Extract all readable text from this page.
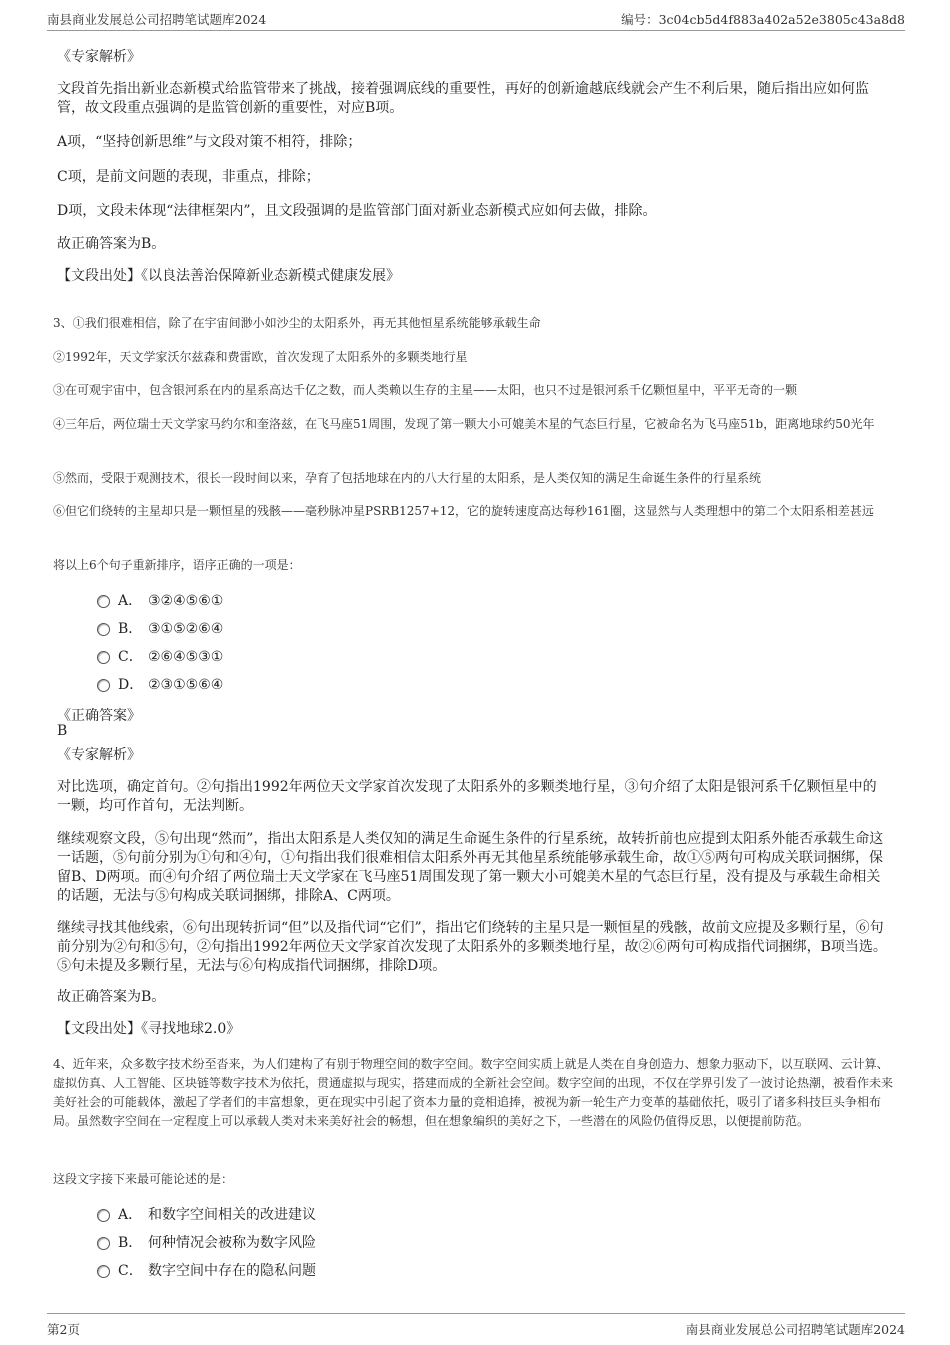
南县商业发展总公司招聘笔试题库2024	编号：3c04cb5d4f883a402a52e3805c43a8d8
《专家解析》

文段首先指出新业态新模式给监管带来了挑战，接着强调底线的重要性，再好的创新逾越底线就会产生不利后果，随后指出应如何监管，故文段重点强调的是监管创新的重要性，对应B项。

A项，“坚持创新思维”与文段对策不相符，排除；
C项，是前文问题的表现，非重点，排除；
D项，文段未体现“法律框架内”，且文段强调的是监管部门面对新业态新模式应如何去做，排除。
故正确答案为B。
【文段出处】《以良法善治保障新业态新模式健康发展》
3、①我们很难相信，除了在宇宙间渺小如沙尘的太阳系外，再无其他恒星系统能够承载生命
②1992年，天文学家沃尔兹森和费雷欧，首次发现了太阳系外的多颗类地行星
③在可观宇宙中，包含银河系在内的星系高达千亿之数，而人类赖以生存的主星——太阳，也只不过是银河系千亿颗恒星中，平平无奇的一颗

④三年后，两位瑞士天文学家马约尔和奎洛兹，在飞马座51周围，发现了第一颗大小可媲美木星的气态巨行星，它被命名为飞马座51b，距离地球约50光年

⑤然而，受限于观测技术，很长一段时间以来，孕育了包括地球在内的八大行星的太阳系，是人类仅知的满足生命诞生条件的行星系统

⑥但它们绕转的主星却只是一颗恒星的残骸——毫秒脉冲星PSRB1257+12，它的旋转速度高达每秒161圈，这显然与人类理想中的第二个太阳系相差甚远

将以上6个句子重新排序，语序正确的一项是：
A． ③②④⑤⑥①
B． ③①⑤②⑥④
C． ②⑥④⑤③①
D． ②③①⑤⑥④
《正确答案》
B
《专家解析》

对比选项，确定首句。②句指出1992年两位天文学家首次发现了太阳系外的多颗类地行星，③句介绍了太阳是银河系千亿颗恒星中的一颗，均可作首句，无法判断。

继续观察文段，⑤句出现“然而”，指出太阳系是人类仅知的满足生命诞生条件的行星系统，故转折前也应提到太阳系外能否承载生命这一话题，⑤句前分别为①句和④句，①句指出我们很难相信太阳系外再无其他星系统能够承载生命，故①⑤两句可构成关联词捆绑，保留B、D两项。而④句介绍了两位瑞士天文学家在飞马座51周围发现了第一颗大小可媲美木星的气态巨行星，没有提及与承载生命相关的话题，无法与⑤句构成关联词捆绑，排除A、C两项。

继续寻找其他线索，⑥句出现转折词“但”以及指代词“它们”，指出它们绕转的主星只是一颗恒星的残骸，故前文应提及多颗行星，⑥句前分别为②句和⑤句，②句指出1992年两位天文学家首次发现了太阳系外的多颗类地行星，故②⑥两句可构成指代词捆绑，B项当选。⑤句未提及多颗行星，无法与⑥句构成指代词捆绑，排除D项。

故正确答案为B。
【文段出处】《寻找地球2.0》

4、近年来，众多数字技术纷至沓来，为人们建构了有别于物理空间的数字空间。数字空间实质上就是人类在自身创造力、想象力驱动下，以互联网、云计算、虚拟仿真、人工智能、区块链等数字技术为依托，贯通虚拟与现实，搭建而成的全新社会空间。数字空间的出现，不仅在学界引发了一波讨论热潮，被看作未来美好社会的可能载体，激起了学者们的丰富想象，更在现实中引起了资本力量的竞相追捧，被视为新一轮生产力变革的基础依托，吸引了诸多科技巨头争相布局。虽然数字空间在一定程度上可以承载人类对未来美好社会的畅想，但在想象编织的美好之下，一些潜在的风险仍值得反思，以便提前防范。

这段文字接下来最可能论述的是：
A． 和数字空间相关的改进建议
B． 何种情况会被称为数字风险
C． 数字空间中存在的隐私问题
第2页	南县商业发展总公司招聘笔试题库2024
